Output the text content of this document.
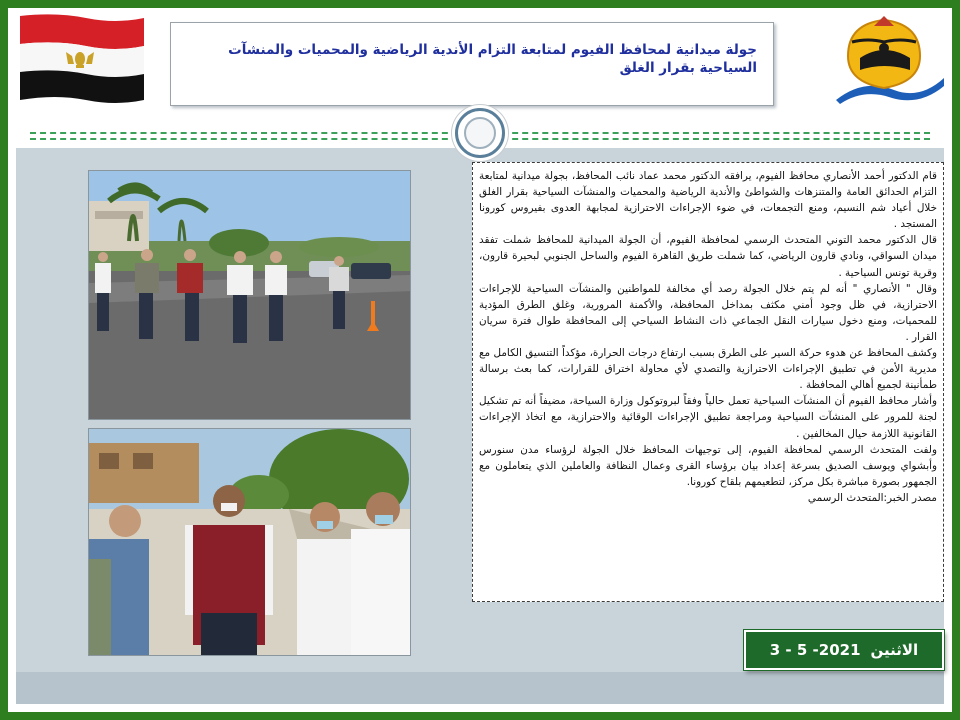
جولة ميدانية لمحافظ الفيوم لمتابعة التزام الأندية الرياضية والمحميات والمنشآت السياحية بقرار الغلق

قام الدكتور أحمد الأنصاري محافظ الفيوم، يرافقه الدكتور محمد عماد نائب المحافظ، بجولة ميدانية لمتابعة التزام الحدائق العامة والمتنزهات والشواطئ والأندية الرياضية والمحميات والمنشآت السياحية بقرار الغلق خلال أعياد شم النسيم، ومنع التجمعات، في ضوء الإجراءات الاحترازية لمجابهة العدوى بفيروس كورونا المستجد .

قال الدكتور محمد التوني المتحدث الرسمي لمحافظة الفيوم، أن الجولة الميدانية للمحافظ شملت تفقد ميدان السواقي، ونادي قارون الرياضي، كما شملت طريق القاهرة الفيوم والساحل الجنوبي لبحيرة قارون، وقرية تونس السياحية .

وقال " الأنصاري " أنه لم يتم خلال الجولة رصد أي مخالفة للمواطنين والمنشآت السياحية للإجراءات الاحترازية، في ظل وجود أمني مكثف بمداخل المحافظة، والأكمنة المرورية، وغلق الطرق المؤدية للمحميات، ومنع دخول سيارات النقل الجماعي ذات النشاط السياحي إلى المحافظة طوال فترة سريان القرار .

وكشف المحافظ عن هدوء حركة السير على الطرق بسبب ارتفاع درجات الحرارة، مؤكداً التنسيق الكامل مع مديرية الأمن في تطبيق الإجراءات الاحترازية والتصدي لأي محاولة اختراق للقرارات، كما بعث برسالة طمأنينة لجميع أهالي المحافظة .

وأشار محافظ الفيوم أن المنشآت السياحية تعمل حالياً وفقاً لبروتوكول وزارة السياحة، مضيفاً أنه تم تشكيل لجنة للمرور على المنشآت السياحية ومراجعة تطبيق الإجراءات الوقائية والاحترازية، مع اتخاذ الإجراءات القانونية اللازمة حيال المخالفين .

ولفت المتحدث الرسمي لمحافظة الفيوم، إلى توجيهات المحافظ خلال الجولة لرؤساء مدن سنورس وأبشواي ويوسف الصديق بسرعة إعداد بيان برؤساء القرى وعمال النظافة والعاملين الذي يتعاملون مع الجمهور بصورة مباشرة بكل مركز، لتطعيمهم بلقاح كورونا.

مصدر الخبر:المتحدث الرسمي

3 - 5 -2021 الاثنين
